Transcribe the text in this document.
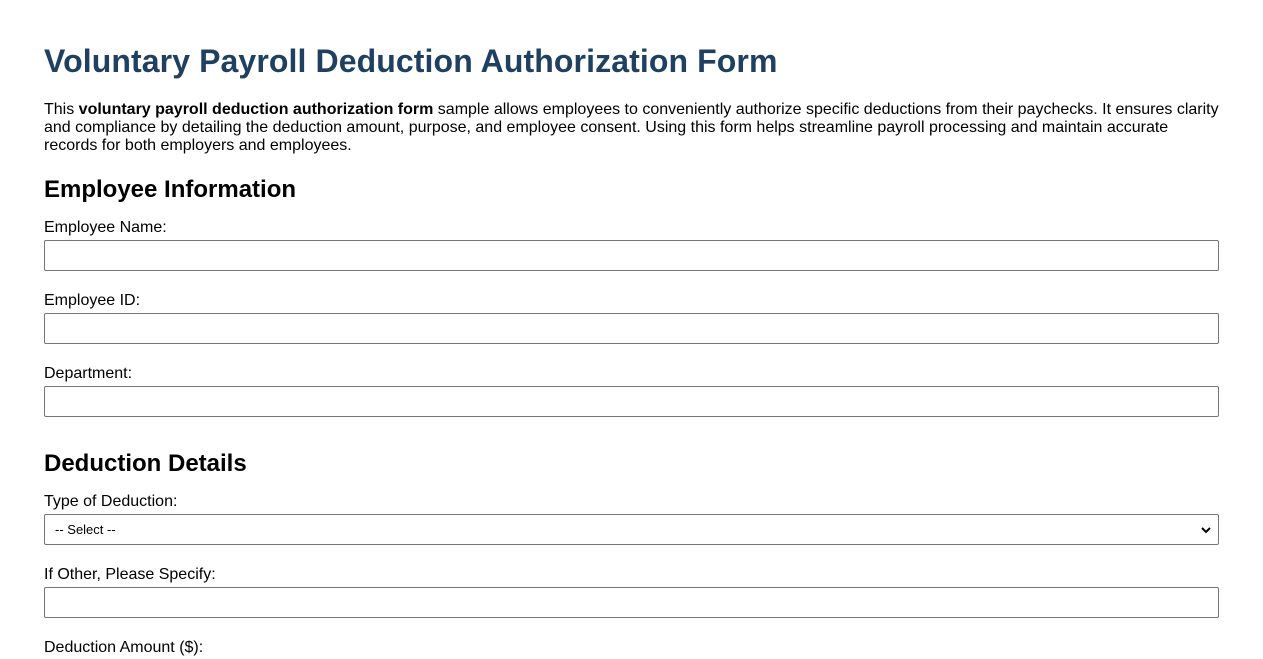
Voluntary Payroll Deduction Authorization Form

This voluntary payroll deduction authorization form sample allows employees to conveniently authorize specific deductions from their paychecks. It ensures clarity and compliance by detailing the deduction amount, purpose, and employee consent. Using this form helps streamline payroll processing and maintain accurate records for both employers and employees.

Employee Information
Employee Name:
Employee ID:
Department:
Deduction Details
Type of Deduction:
-- Select --
If Other, Please Specify:
Deduction Amount ($):
